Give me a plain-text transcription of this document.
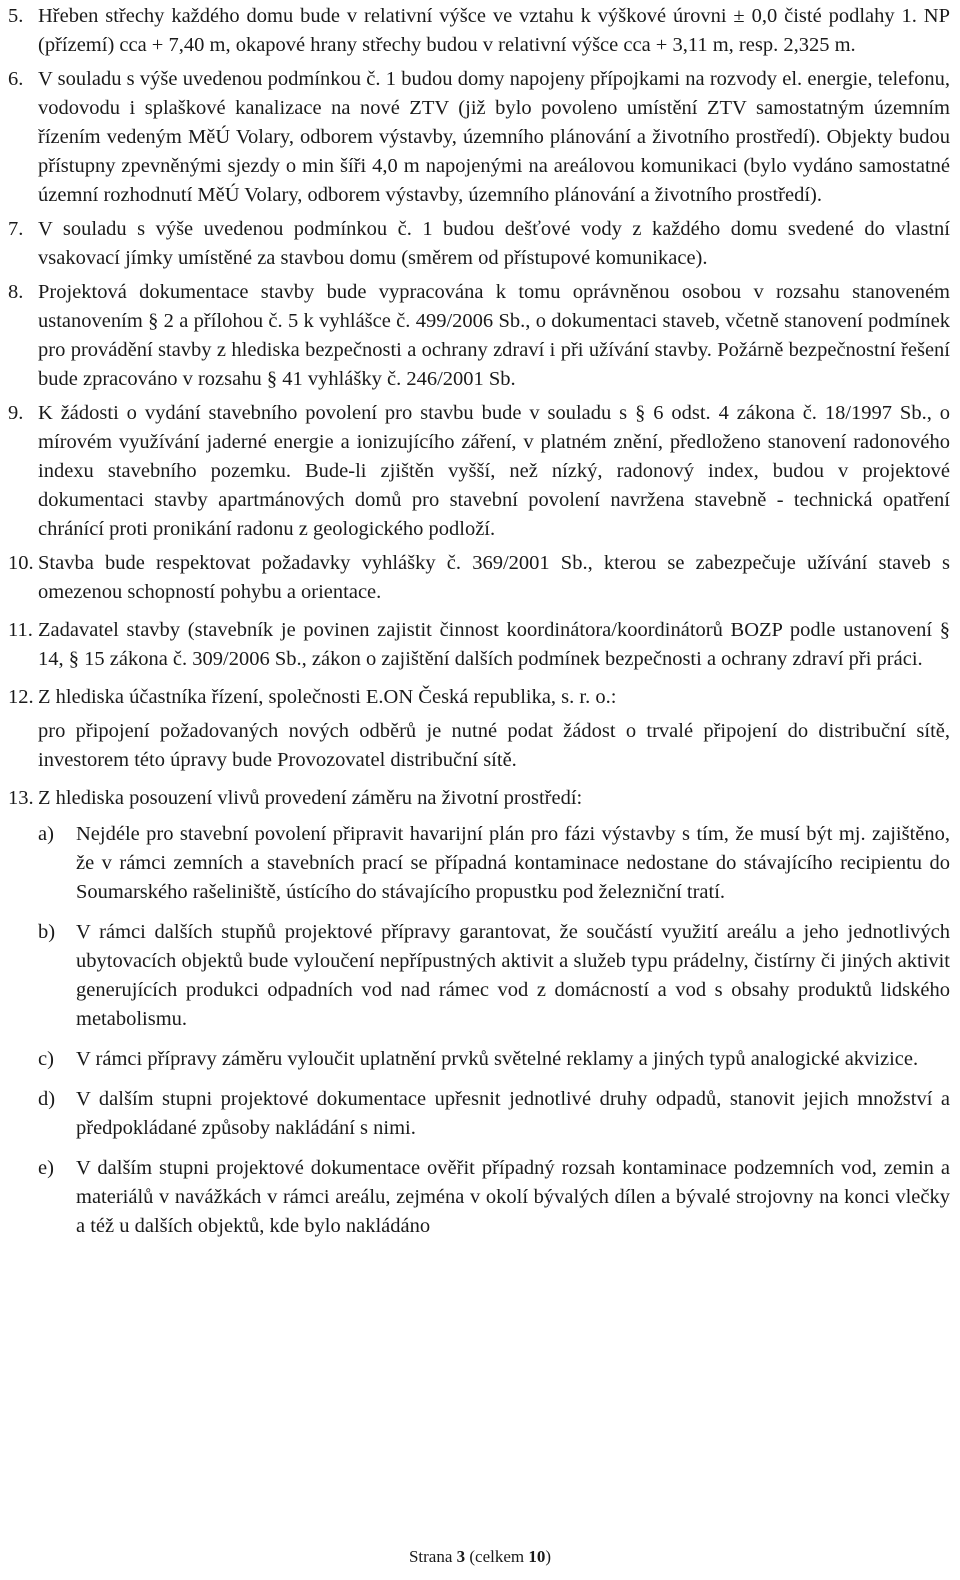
5. Hřeben střechy každého domu bude v relativní výšce ve vztahu k výškové úrovni ± 0,0 čisté podlahy 1. NP (přízemí) cca + 7,40 m, okapové hrany střechy budou v relativní výšce cca + 3,11 m, resp. 2,325 m.
6. V souladu s výše uvedenou podmínkou č. 1 budou domy napojeny přípojkami na rozvody el. energie, telefonu, vodovodu i splaškové kanalizace na nové ZTV (již bylo povoleno umístění ZTV samostatným územním řízením vedeným MěÚ Volary, odborem výstavby, územního plánování a životního prostředí). Objekty budou přístupny zpevněnými sjezdy o min šíři 4,0 m napojenými na areálovou komunikaci (bylo vydáno samostatné územní rozhodnutí MěÚ Volary, odborem výstavby, územního plánování a životního prostředí).
7. V souladu s výše uvedenou podmínkou č. 1 budou dešťové vody z každého domu svedené do vlastní vsakovací jímky umístěné za stavbou domu (směrem od přístupové komunikace).
8. Projektová dokumentace stavby bude vypracována k tomu oprávněnou osobou v rozsahu stanoveném ustanovením § 2 a přílohou č. 5 k vyhlášce č. 499/2006 Sb., o dokumentaci staveb, včetně stanovení podmínek pro provádění stavby z hlediska bezpečnosti a ochrany zdraví i při užívání stavby. Požárně bezpečnostní řešení bude zpracováno v rozsahu § 41 vyhlášky č. 246/2001 Sb.
9. K žádosti o vydání stavebního povolení pro stavbu bude v souladu s § 6 odst. 4 zákona č. 18/1997 Sb., o mírovém využívání jaderné energie a ionizujícího záření, v platném znění, předloženo stanovení radonového indexu stavebního pozemku. Bude-li zjištěn vyšší, než nízký, radonový index, budou v projektové dokumentaci stavby apartmánových domů pro stavební povolení navržena stavebně - technická opatření chránící proti pronikání radonu z geologického podloží.
10. Stavba bude respektovat požadavky vyhlášky č. 369/2001 Sb., kterou se zabezpečuje užívání staveb s omezenou schopností pohybu a orientace.
11. Zadavatel stavby (stavebník je povinen zajistit činnost koordinátora/koordinátorů BOZP podle ustanovení § 14, § 15 zákona č. 309/2006 Sb., zákon o zajištění dalších podmínek bezpečnosti a ochrany zdraví při práci.
12. Z hlediska účastníka řízení, společnosti E.ON Česká republika, s. r. o.:
pro připojení požadovaných nových odběrů je nutné podat žádost o trvalé připojení do distribuční sítě, investorem této úpravy bude Provozovatel distribuční sítě.
13. Z hlediska posouzení vlivů provedení záměru na životní prostředí:
a) Nejdéle pro stavební povolení připravit havarijní plán pro fázi výstavby s tím, že musí být mj. zajištěno, že v rámci zemních a stavebních prací se případná kontaminace nedostane do stávajícího recipientu do Soumarského rašeliniště, ústícího do stávajícího propustku pod železniční tratí.
b) V rámci dalších stupňů projektové přípravy garantovat, že součástí využití areálu a jeho jednotlivých ubytovacích objektů bude vyloučení nepřípustných aktivit a služeb typu prádelny, čistírny či jiných aktivit generujících produkci odpadních vod nad rámec vod z domácností a vod s obsahy produktů lidského metabolismu.
c) V rámci přípravy záměru vyloučit uplatnění prvků světelné reklamy a jiných typů analogické akvizice.
d) V dalším stupni projektové dokumentace upřesnit jednotlivé druhy odpadů, stanovit jejich množství a předpokládané způsoby nakládání s nimi.
e) V dalším stupni projektové dokumentace ověřit případný rozsah kontaminace podzemních vod, zemin a materiálů v navážkách v rámci areálu, zejména v okolí bývalých dílen a bývalé strojovny na konci vlečky a též u dalších objektů, kde bylo nakládáno
Strana 3 (celkem 10)
